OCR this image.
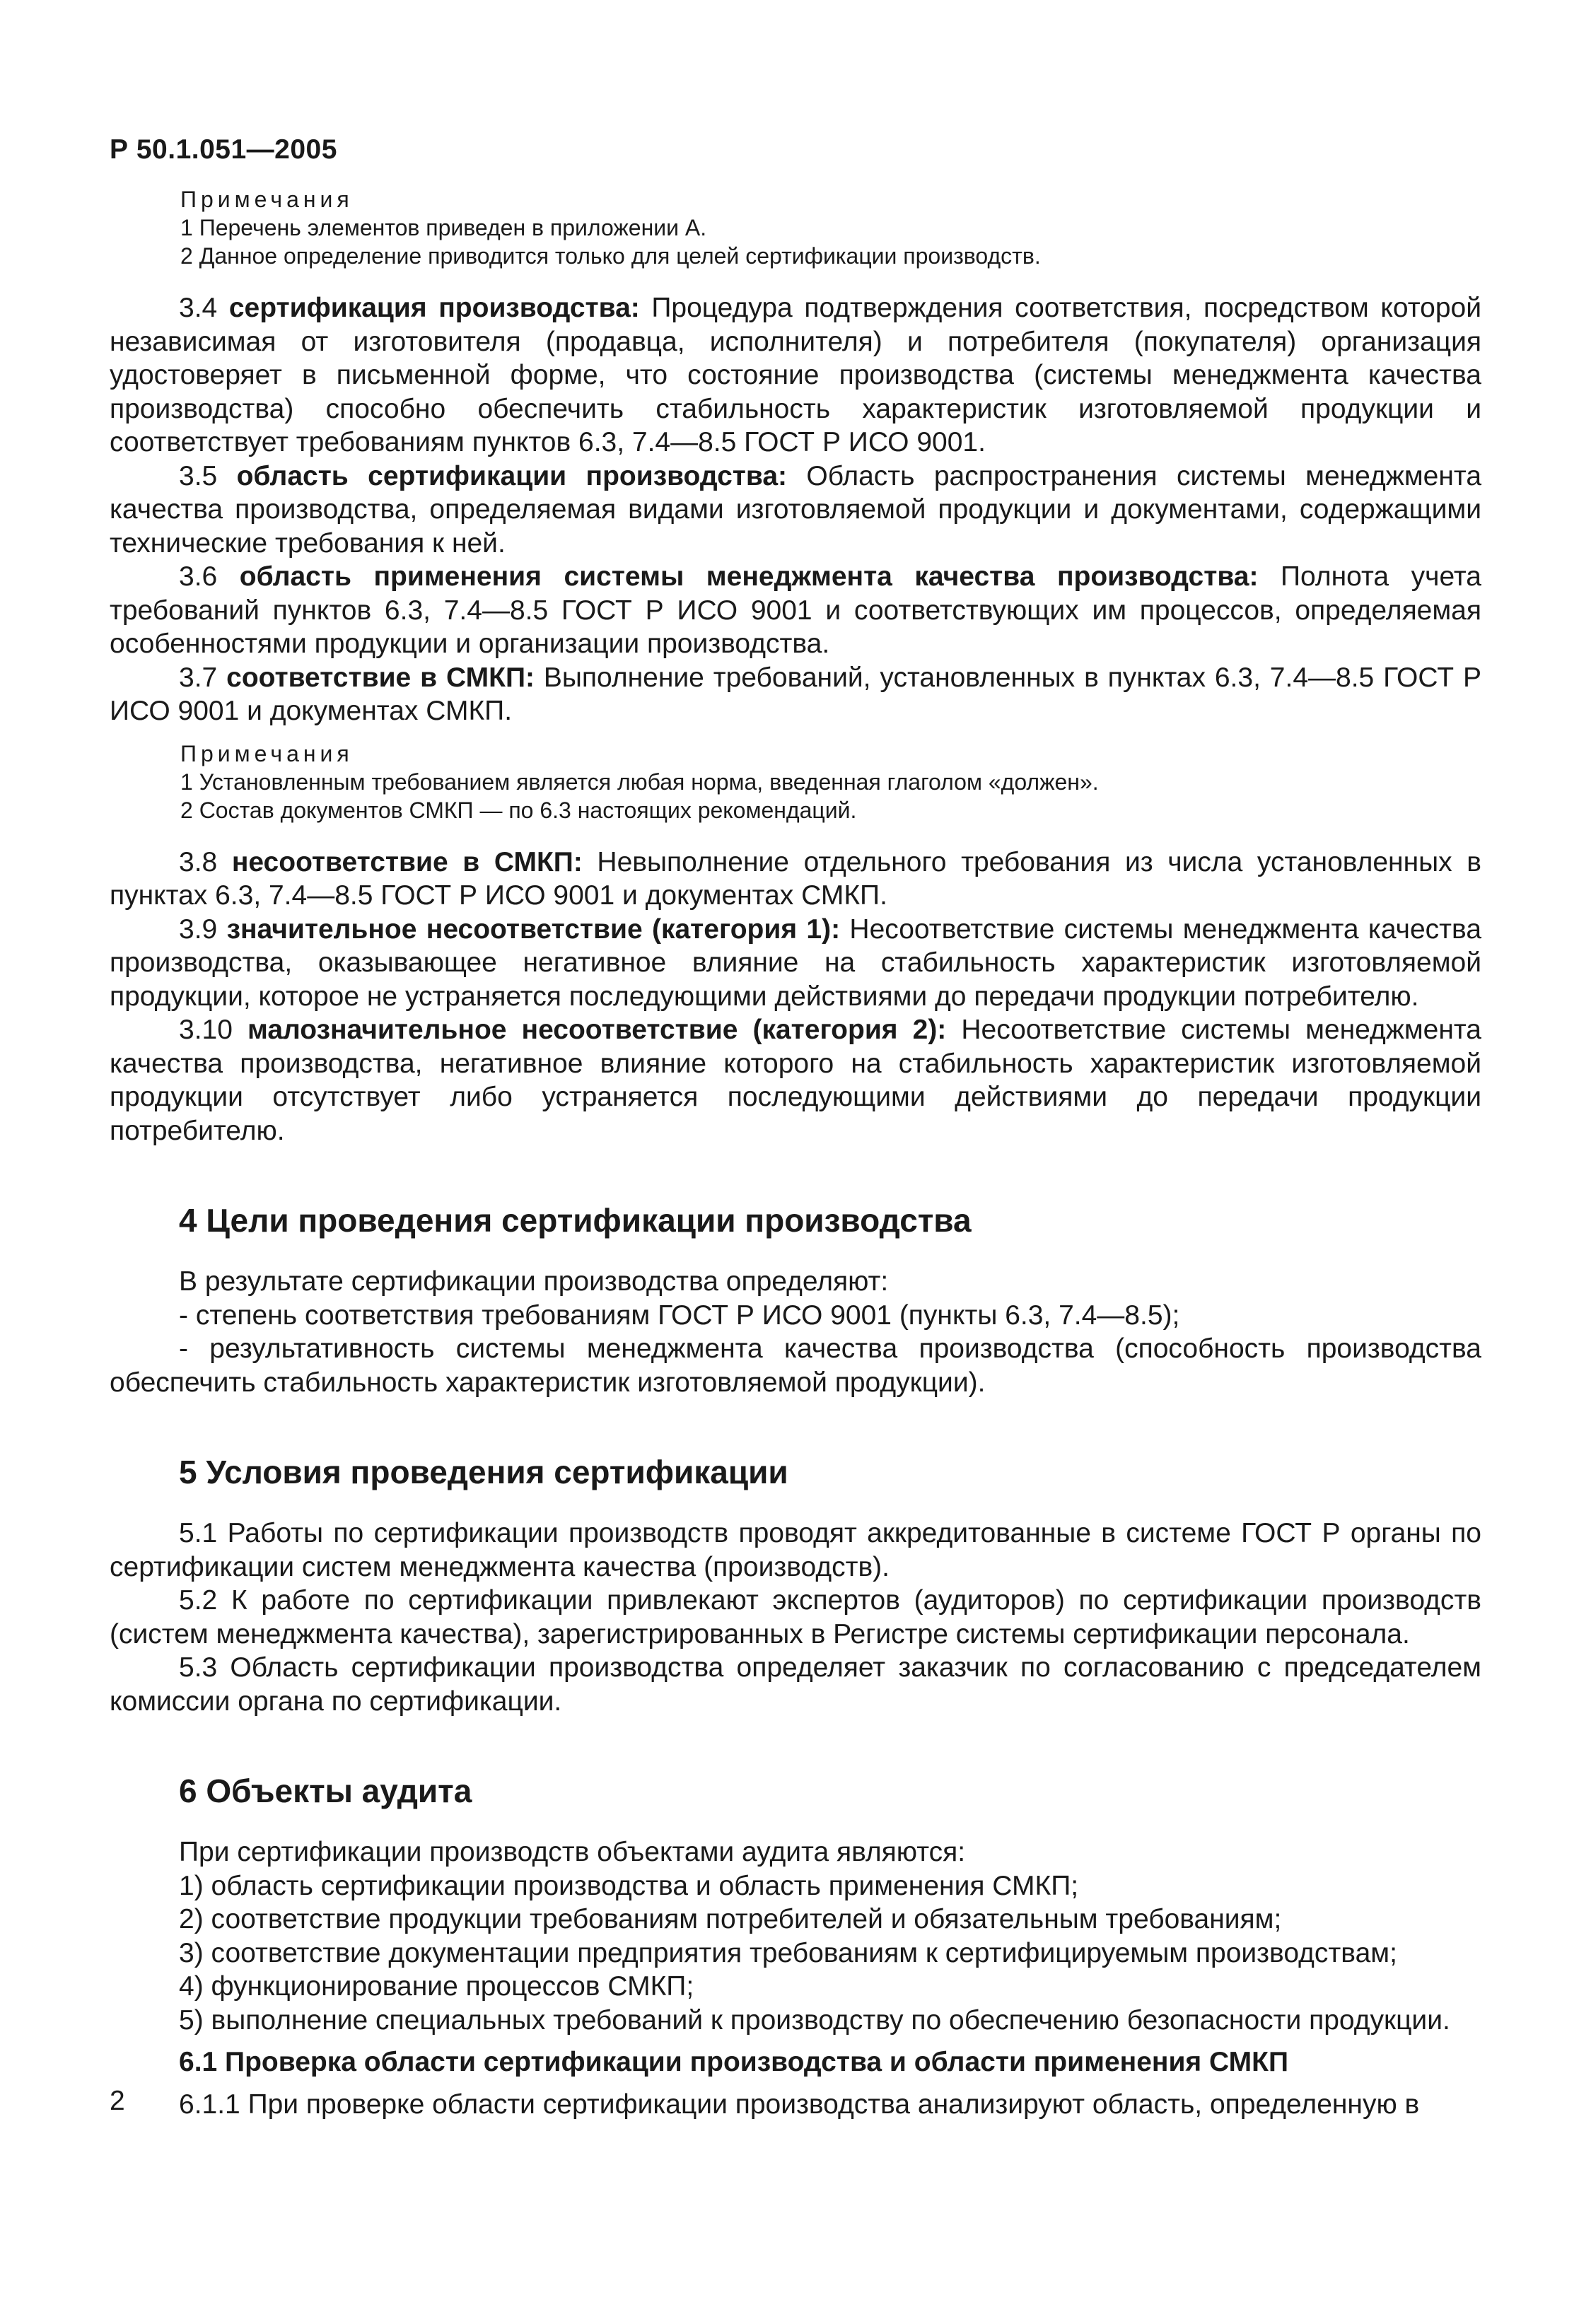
Р 50.1.051—2005

Примечания

1 Перечень элементов приведен в приложении А.

2 Данное определение приводится только для целей сертификации производств.

3.4 сертификация производства: Процедура подтверждения соответствия, посредством которой независимая от изготовителя (продавца, исполнителя) и потребителя (покупателя) организация удостоверяет в письменной форме, что состояние производства (системы менеджмента качества производства) способно обеспечить стабильность характеристик изготовляемой продукции и соответствует требованиям пунктов 6.3, 7.4—8.5 ГОСТ Р ИСО 9001.

3.5 область сертификации производства: Область распространения системы менеджмента качества производства, определяемая видами изготовляемой продукции и документами, содержащими технические требования к ней.

3.6 область применения системы менеджмента качества производства: Полнота учета требований пунктов 6.3, 7.4—8.5 ГОСТ Р ИСО 9001 и соответствующих им процессов, определяемая особенностями продукции и организации производства.

3.7 соответствие в СМКП: Выполнение требований, установленных в пунктах 6.3, 7.4—8.5 ГОСТ Р ИСО 9001 и документах СМКП.

Примечания

1 Установленным требованием является любая норма, введенная глаголом «должен».

2 Состав документов СМКП — по 6.3 настоящих рекомендаций.

3.8 несоответствие в СМКП: Невыполнение отдельного требования из числа установленных в пунктах 6.3, 7.4—8.5 ГОСТ Р ИСО 9001 и документах СМКП.

3.9 значительное несоответствие (категория 1): Несоответствие системы менеджмента качества производства, оказывающее негативное влияние на стабильность характеристик изготовляемой продукции, которое не устраняется последующими действиями до передачи продукции потребителю.

3.10 малозначительное несоответствие (категория 2): Несоответствие системы менеджмента качества производства, негативное влияние которого на стабильность характеристик изготовляемой продукции отсутствует либо устраняется последующими действиями до передачи продукции потребителю.

4 Цели проведения сертификации производства

В результате сертификации производства определяют:

- степень соответствия требованиям ГОСТ Р ИСО 9001 (пункты 6.3, 7.4—8.5);

- результативность системы менеджмента качества производства (способность производства обеспечить стабильность характеристик изготовляемой продукции).

5 Условия проведения сертификации

5.1 Работы по сертификации производств проводят аккредитованные в системе ГОСТ Р органы по сертификации систем менеджмента качества (производств).

5.2 К работе по сертификации привлекают экспертов (аудиторов) по сертификации производств (систем менеджмента качества), зарегистрированных в Регистре системы сертификации персонала.

5.3 Область сертификации производства определяет заказчик по согласованию с председателем комиссии органа по сертификации.

6 Объекты аудита

При сертификации производств объектами аудита являются:

1) область сертификации производства и область применения СМКП;

2) соответствие продукции требованиям потребителей и обязательным требованиям;

3) соответствие документации предприятия требованиям к сертифицируемым производствам;

4) функционирование процессов СМКП;

5) выполнение специальных требований к производству по обеспечению безопасности продукции.

6.1 Проверка области сертификации производства и области применения СМКП

6.1.1 При проверке области сертификации производства анализируют область, определенную в

2
